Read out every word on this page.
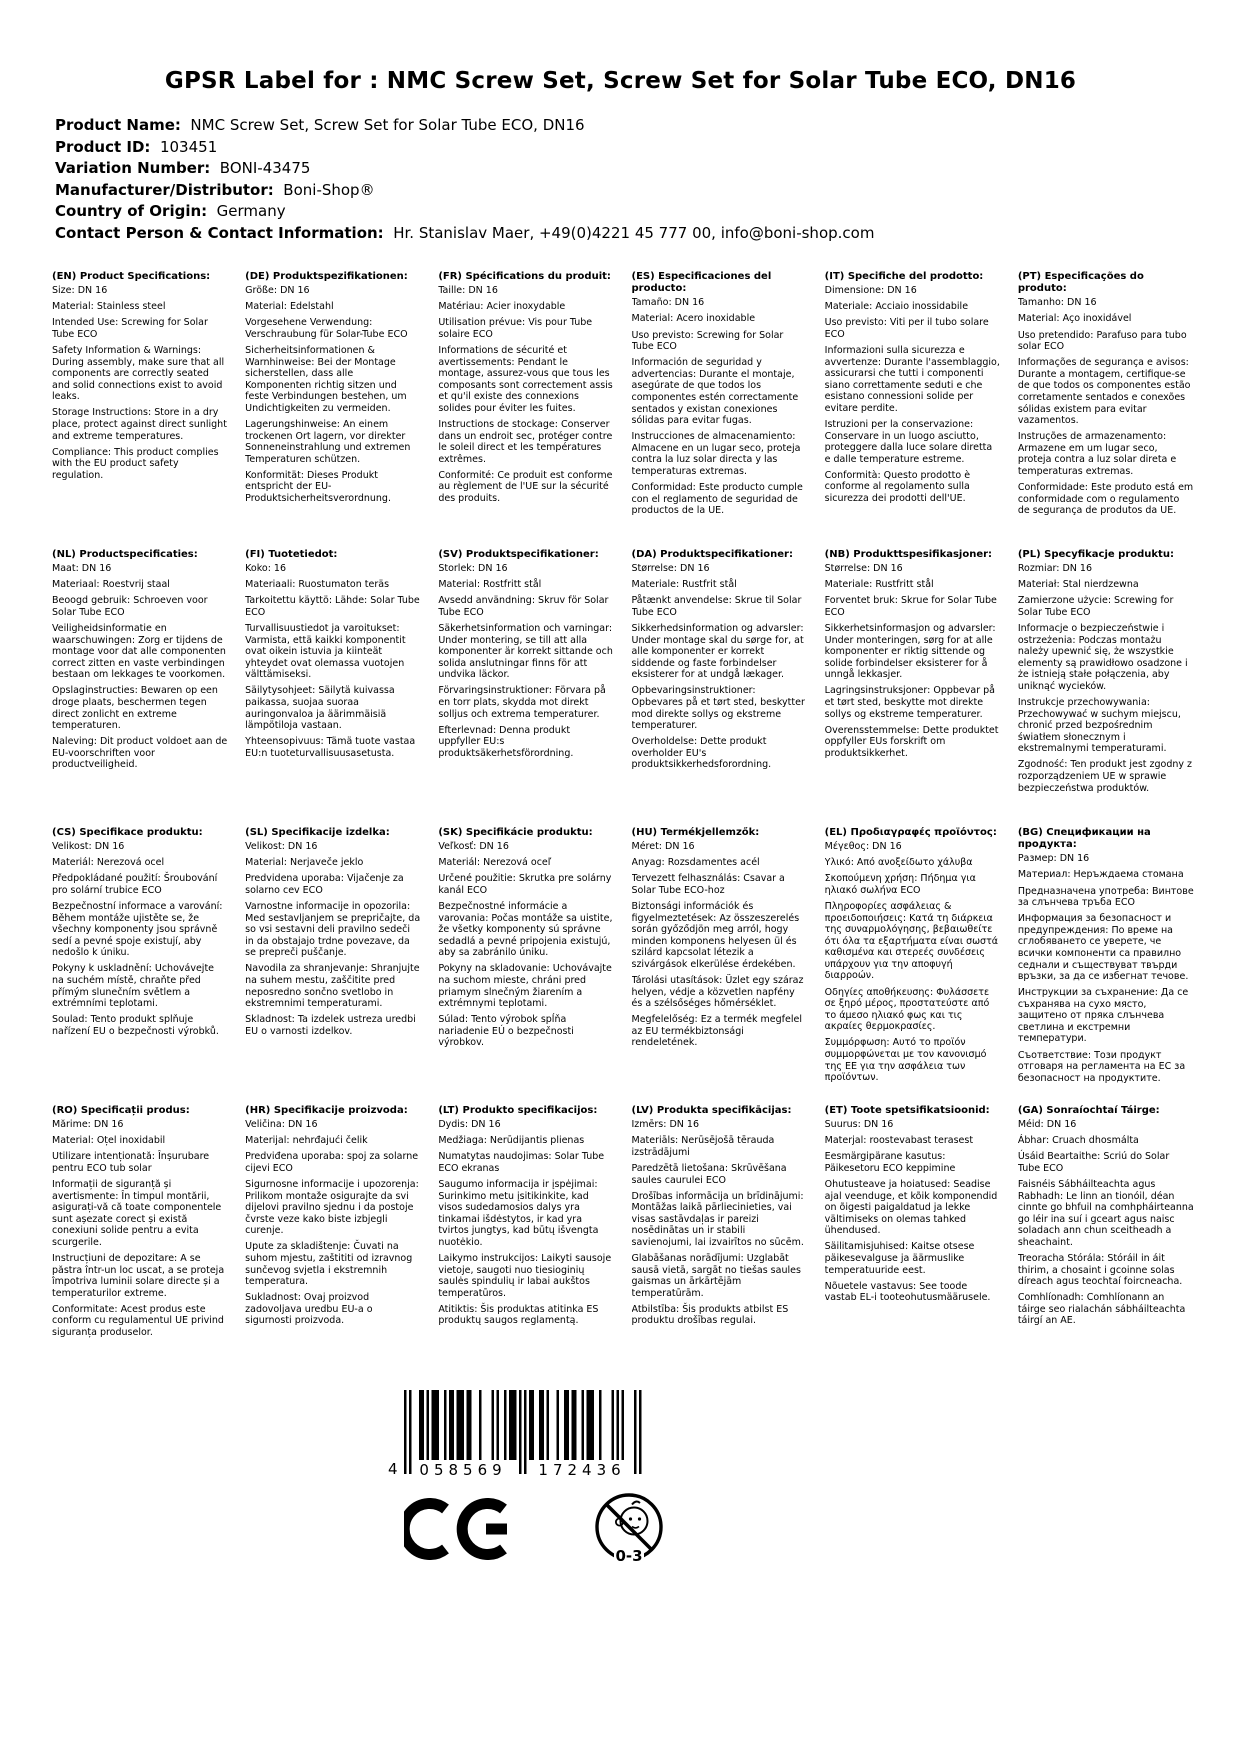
GPSR Label for : NMC Screw Set, Screw Set for Solar Tube ECO, DN16
Product Name:  NMC Screw Set, Screw Set for Solar Tube ECO, DN16
Product ID:  103451
Variation Number:  BONI-43475
Manufacturer/Distributor:  Boni-Shop®
Country of Origin:  Germany
Contact Person & Contact Information:  Hr. Stanislav Maer, +49(0)4221 45 777 00, info@boni-shop.com
(EN) Product Specifications:

Size: DN 16

Material: Stainless steel

Intended Use: Screwing for Solar Tube ECO

Safety Information & Warnings: During assembly, make sure that all components are correctly seated and solid connections exist to avoid leaks.

Storage Instructions: Store in a dry place, protect against direct sunlight and extreme temperatures.

Compliance: This product complies with the EU product safety regulation.

(DE) Produktspezifikationen:

Größe: DN 16

Material: Edelstahl

Vorgesehene Verwendung: Verschraubung für Solar-Tube ECO

Sicherheitsinformationen & Warnhinweise: Bei der Montage sicherstellen, dass alle Komponenten richtig sitzen und feste Verbindungen bestehen, um Undichtigkeiten zu vermeiden.

Lagerungshinweise: An einem trockenen Ort lagern, vor direkter Sonneneinstrahlung und extremen Temperaturen schützen.

Konformität: Dieses Produkt entspricht der EU-Produktsicherheitsverordnung.

(FR) Spécifications du produit:

Taille: DN 16

Matériau: Acier inoxydable

Utilisation prévue: Vis pour Tube solaire ECO

Informations de sécurité et avertissements: Pendant le montage, assurez-vous que tous les composants sont correctement assis et qu'il existe des connexions solides pour éviter les fuites.

Instructions de stockage: Conserver dans un endroit sec, protéger contre le soleil direct et les températures extrêmes.

Conformité: Ce produit est conforme au règlement de l'UE sur la sécurité des produits.

(ES) Especificaciones del producto:

Tamaño: DN 16

Material: Acero inoxidable

Uso previsto: Screwing for Solar Tube ECO

Información de seguridad y advertencias: Durante el montaje, asegúrate de que todos los componentes estén correctamente sentados y existan conexiones sólidas para evitar fugas.

Instrucciones de almacenamiento: Almacene en un lugar seco, proteja contra la luz solar directa y las temperaturas extremas.

Conformidad: Este producto cumple con el reglamento de seguridad de productos de la UE.

(IT) Specifiche del prodotto:

Dimensione: DN 16

Materiale: Acciaio inossidabile

Uso previsto: Viti per il tubo solare ECO

Informazioni sulla sicurezza e avvertenze: Durante l'assemblaggio, assicurarsi che tutti i componenti siano correttamente seduti e che esistano connessioni solide per evitare perdite.

Istruzioni per la conservazione: Conservare in un luogo asciutto, proteggere dalla luce solare diretta e dalle temperature estreme.

Conformità: Questo prodotto è conforme al regolamento sulla sicurezza dei prodotti dell'UE.

(PT) Especificações do produto:

Tamanho: DN 16

Material: Aço inoxidável

Uso pretendido: Parafuso para tubo solar ECO

Informações de segurança e avisos: Durante a montagem, certifique-se de que todos os componentes estão corretamente sentados e conexões sólidas existem para evitar vazamentos.

Instruções de armazenamento: Armazene em um lugar seco, proteja contra a luz solar direta e temperaturas extremas.

Conformidade: Este produto está em conformidade com o regulamento de segurança de produtos da UE.

(NL) Productspecificaties:

Maat: DN 16

Materiaal: Roestvrij staal

Beoogd gebruik: Schroeven voor Solar Tube ECO

Veiligheidsinformatie en waarschuwingen: Zorg er tijdens de montage voor dat alle componenten correct zitten en vaste verbindingen bestaan om lekkages te voorkomen.

Opslaginstructies: Bewaren op een droge plaats, beschermen tegen direct zonlicht en extreme temperaturen.

Naleving: Dit product voldoet aan de EU-voorschriften voor productveiligheid.

(FI) Tuotetiedot:

Koko: 16

Materiaali: Ruostumaton teräs

Tarkoitettu käyttö: Lähde: Solar Tube ECO

Turvallisuustiedot ja varoitukset: Varmista, että kaikki komponentit ovat oikein istuvia ja kiinteät yhteydet ovat olemassa vuotojen välttämiseksi.

Säilytysohjeet: Säilytä kuivassa paikassa, suojaa suoraa auringonvaloa ja äärimmäisiä lämpötiloja vastaan.

Yhteensopivuus: Tämä tuote vastaa EU:n tuoteturvallisuusasetusta.

(SV) Produktspecifikationer:

Storlek: DN 16

Material: Rostfritt stål

Avsedd användning: Skruv för Solar Tube ECO

Säkerhetsinformation och varningar: Under montering, se till att alla komponenter är korrekt sittande och solida anslutningar finns för att undvika läckor.

Förvaringsinstruktioner: Förvara på en torr plats, skydda mot direkt solljus och extrema temperaturer.

Efterlevnad: Denna produkt uppfyller EU:s produktsäkerhetsförordning.

(DA) Produktspecifikationer:

Størrelse: DN 16

Materiale: Rustfrit stål

Påtænkt anvendelse: Skrue til Solar Tube ECO

Sikkerhedsinformation og advarsler: Under montage skal du sørge for, at alle komponenter er korrekt siddende og faste forbindelser eksisterer for at undgå lækager.

Opbevaringsinstruktioner: Opbevares på et tørt sted, beskytter mod direkte sollys og ekstreme temperaturer.

Overholdelse: Dette produkt overholder EU's produktsikkerhedsforordning.

(NB) Produkttspesifikasjoner:

Størrelse: DN 16

Materiale: Rustfritt stål

Forventet bruk: Skrue for Solar Tube ECO

Sikkerhetsinformasjon og advarsler: Under monteringen, sørg for at alle komponenter er riktig sittende og solide forbindelser eksisterer for å unngå lekkasjer.

Lagringsinstruksjoner: Oppbevar på et tørt sted, beskytte mot direkte sollys og ekstreme temperaturer.

Overensstemmelse: Dette produktet oppfyller EUs forskrift om produktsikkerhet.

(PL) Specyfikacje produktu:

Rozmiar: DN 16

Materiał: Stal nierdzewna

Zamierzone użycie: Screwing for Solar Tube ECO

Informacje o bezpieczeństwie i ostrzeżenia: Podczas montażu należy upewnić się, że wszystkie elementy są prawidłowo osadzone i że istnieją stałe połączenia, aby uniknąć wycieków.

Instrukcje przechowywania: Przechowywać w suchym miejscu, chronić przed bezpośrednim światłem słonecznym i ekstremalnymi temperaturami.

Zgodność: Ten produkt jest zgodny z rozporządzeniem UE w sprawie bezpieczeństwa produktów.

(CS) Specifikace produktu:

Velikost: DN 16

Materiál: Nerezová ocel

Předpokládané použití: Šroubování pro solární trubice ECO

Bezpečnostní informace a varování: Během montáže ujistěte se, že všechny komponenty jsou správně sedí a pevné spoje existují, aby nedošlo k úniku.

Pokyny k uskladnění: Uchovávejte na suchém místě, chraňte před přímým slunečním světlem a extrémními teplotami.

Soulad: Tento produkt splňuje nařízení EU o bezpečnosti výrobků.

(SL) Specifikacije izdelka:

Velikost: DN 16

Material: Nerjaveče jeklo

Predvidena uporaba: Vijačenje za solarno cev ECO

Varnostne informacije in opozorila: Med sestavljanjem se prepričajte, da so vsi sestavni deli pravilno sedeči in da obstajajo trdne povezave, da se prepreči puščanje.

Navodila za shranjevanje: Shranjujte na suhem mestu, zaščitite pred neposredno sončno svetlobo in ekstremnimi temperaturami.

Skladnost: Ta izdelek ustreza uredbi EU o varnosti izdelkov.

(SK) Špecifikácie produktu:

Veľkosť: DN 16

Materiál: Nerezová oceľ

Určené použitie: Skrutka pre solárny kanál ECO

Bezpečnostné informácie a varovania: Počas montáže sa uistite, že všetky komponenty sú správne sedadlá a pevné pripojenia existujú, aby sa zabránilo úniku.

Pokyny na skladovanie: Uchovávajte na suchom mieste, chráni pred priamym slnečným žiarením a extrémnymi teplotami.

Súlad: Tento výrobok spĺňa nariadenie EÚ o bezpečnosti výrobkov.

(HU) Termékjellemzők:

Méret: DN 16

Anyag: Rozsdamentes acél

Tervezett felhasználás: Csavar a Solar Tube ECO-hoz

Biztonsági információk és figyelmeztetések: Az összeszerelés során győződjön meg arról, hogy minden komponens helyesen ül és szilárd kapcsolat létezik a szivárgások elkerülése érdekében.

Tárolási utasítások: Üzlet egy száraz helyen, védje a közvetlen napfény és a szélsőséges hőmérséklet.

Megfelelőség: Ez a termék megfelel az EU termékbiztonsági rendeletének.

(EL) Προδιαγραφές προϊόντος:

Μέγεθος: DN 16

Υλικό: Από ανοξείδωτο χάλυβα

Σκοπούμενη χρήση: Πήδημα για ηλιακό σωλήνα ECO

Πληροφορίες ασφάλειας & προειδοποιήσεις: Κατά τη διάρκεια της συναρμολόγησης, βεβαιωθείτε ότι όλα τα εξαρτήματα είναι σωστά καθισμένα και στερεές συνδέσεις υπάρχουν για την αποφυγή διαρροών.

Οδηγίες αποθήκευσης: Φυλάσσετε σε ξηρό μέρος, προστατεύστε από το άμεσο ηλιακό φως και τις ακραίες θερμοκρασίες.

Συμμόρφωση: Αυτό το προϊόν συμμορφώνεται με τον κανονισμό της ΕΕ για την ασφάλεια των προϊόντων.

(BG) Спецификации на продукта:

Размер: DN 16

Материал: Неръждаема стомана

Предназначена употреба: Винтове за слънчева тръба ECO

Информация за безопасност и предупреждения: По време на сглобяването се уверете, че всички компоненти са правилно седнали и съществуват твърди връзки, за да се избегнат течове.

Инструкции за съхранение: Да се съхранява на сухо място, защитено от пряка слънчева светлина и екстремни температури.

Съответствие: Този продукт отговаря на регламента на ЕС за безопасност на продуктите.

(RO) Specificații produs:

Mărime: DN 16

Material: Oțel inoxidabil

Utilizare intenționată: Înșurubare pentru ECO tub solar

Informații de siguranță și avertismente: În timpul montării, asigurați-vă că toate componentele sunt așezate corect și există conexiuni solide pentru a evita scurgerile.

Instrucțiuni de depozitare: A se păstra într-un loc uscat, a se proteja împotriva luminii solare directe și a temperaturilor extreme.

Conformitate: Acest produs este conform cu regulamentul UE privind siguranța produselor.

(HR) Specifikacije proizvoda:

Veličina: DN 16

Materijal: nehrđajući čelik

Predviđena uporaba: spoj za solarne cijevi ECO

Sigurnosne informacije i upozorenja: Prilikom montaže osigurajte da svi dijelovi pravilno sjednu i da postoje čvrste veze kako biste izbjegli curenje.

Upute za skladištenje: Čuvati na suhom mjestu, zaštititi od izravnog sunčevog svjetla i ekstremnih temperatura.

Sukladnost: Ovaj proizvod zadovoljava uredbu EU-a o sigurnosti proizvoda.

(LT) Produkto specifikacijos:

Dydis: DN 16

Medžiaga: Nerūdijantis plienas

Numatytas naudojimas: Solar Tube ECO ekranas

Saugumo informacija ir įspėjimai: Surinkimo metu įsitikinkite, kad visos sudedamosios dalys yra tinkamai išdėstytos, ir kad yra tvirtos jungtys, kad būtų išvengta nuotėkio.

Laikymo instrukcijos: Laikyti sausoje vietoje, saugoti nuo tiesioginių saulės spindulių ir labai aukštos temperatūros.

Atitiktis: Šis produktas atitinka ES produktų saugos reglamentą.

(LV) Produkta specifikācijas:

Izmērs: DN 16

Materiāls: Nerūsējošā tērauda izstrādājumi

Paredzētā lietošana: Skrūvēšana saules caurulei ECO

Drošības informācija un brīdinājumi: Montāžas laikā pārliecinieties, vai visas sastāvdaļas ir pareizi nosēdinātas un ir stabili savienojumi, lai izvairītos no sūcēm.

Glabāšanas norādījumi: Uzglabāt sausā vietā, sargāt no tiešas saules gaismas un ārkārtējām temperatūrām.

Atbilstība: Šis produkts atbilst ES produktu drošības regulai.

(ET) Toote spetsifikatsioonid:

Suurus: DN 16

Materjal: roostevabast terasest

Eesmärgipärane kasutus: Päikesetoru ECO keppimine

Ohutusteave ja hoiatused: Seadise ajal veenduge, et kõik komponendid on õigesti paigaldatud ja lekke vältimiseks on olemas tahked ühendused.

Säilitamisjuhised: Kaitse otsese päikesevalguse ja äärmuslike temperatuuride eest.

Nõuetele vastavus: See toode vastab EL-i tooteohutusmäärusele.

(GA) Sonraíochtaí Táirge:

Méid: DN 16

Ábhar: Cruach dhosmálta

Úsáid Beartaithe: Scriú do Solar Tube ECO

Faisnéis Sábháilteachta agus Rabhadh: Le linn an tionóil, déan cinnte go bhfuil na comhpháirteanna go léir ina suí i gceart agus naisc soladach ann chun sceitheadh a sheachaint.

Treoracha Stórála: Stóráil in áit thirim, a chosaint i gcoinne solas díreach agus teochtaí foircneacha.

Comhlíonadh: Comhlíonann an táirge seo rialachán sábháilteachta táirgí an AE.

4	058569	172436
0-3
